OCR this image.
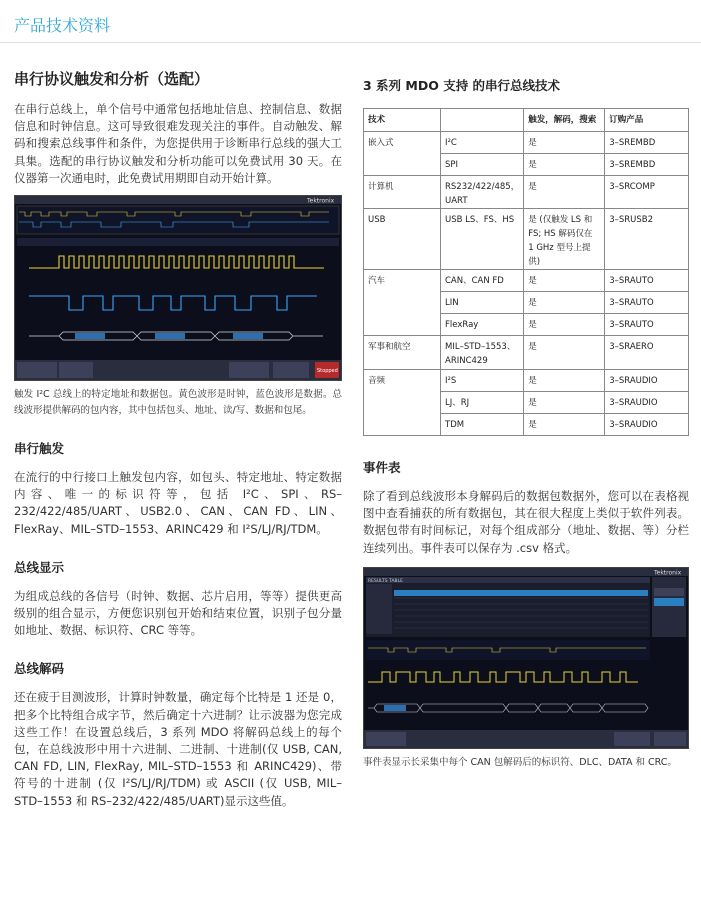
产品技术资料
串行协议触发和分析（选配）

在串行总线上，单个信号中通常包括地址信息、控制信息、数据信息和时钟信息。这可导致很难发现关注的事件。自动触发、解码和搜索总线事件和条件，为您提供用于诊断串行总线的强大工具集。选配的串行协议触发和分析功能可以免费试用 30 天。在仪器第一次通电时，此免费试用期即自动开始计算。

Tektronix
Stopped

触发 I²C 总线上的特定地址和数据包。黄色波形是时钟，蓝色波形是数据。总线波形提供解码的包内容，其中包括包头、地址、读/写、数据和包尾。

串行触发

在流行的中行接口上触发包内容，如包头、特定地址、特定数据内容、唯一的标识符等，包括 I²C、SPI、RS–232/422/485/UART、USB2.0、CAN、CAN FD、LIN、FlexRay、MIL–STD–1553、ARINC429 和 I²S/LJ/RJ/TDM。

总线显示

为组成总线的各信号（时钟、数据、芯片启用，等等）提供更高级别的组合显示，方便您识别包开始和结束位置，识别子包分量如地址、数据、标识符、CRC 等等。

总线解码

还在疲于目测波形，计算时钟数量，确定每个比特是 1 还是 0，把多个比特组合成字节，然后确定十六进制？让示波器为您完成这些工作！在设置总线后，3 系列 MDO 将解码总线上的每个包，在总线波形中用十六进制、二进制、十进制(仅 USB, CAN, CAN FD, LIN, FlexRay, MIL–STD–1553 和 ARINC429)、带符号的十进制 (仅 I²S/LJ/RJ/TDM) 或 ASCII (仅 USB, MIL–STD–1553 和 RS–232/422/485/UART)显示这些值。

3 系列 MDO 支持 的串行总线技术
技术		触发，解码，搜索	订购产品
嵌入式	I²C	是	3–SREMBD
	SPI	是	3–SREMBD
计算机	RS232/422/485，UART	是	3–SRCOMP
USB	USB LS、FS、HS	是 (仅触发 LS 和 FS; HS 解码仅在 1 GHz 型号上提供)	3–SRUSB2
汽车	CAN、CAN FD	是	3–SRAUTO
	LIN	是	3–SRAUTO
	FlexRay	是	3–SRAUTO
军事和航空	MIL–STD–1553、ARINC429	是	3–SRAERO
音频	I²S	是	3–SRAUDIO
	LJ、RJ	是	3–SRAUDIO
	TDM	是	3–SRAUDIO
事件表

除了看到总线波形本身解码后的数据包数据外，您可以在表格视图中查看捕获的所有数据包，其在很大程度上类似于软件列表。数据包带有时间标记，对每个组成部分（地址、数据、等）分栏连续列出。事件表可以保存为 .csv 格式。

Tektronix
RESULTS TABLE

事件表显示长采集中每个 CAN 包解码后的标识符、DLC、DATA 和 CRC。
